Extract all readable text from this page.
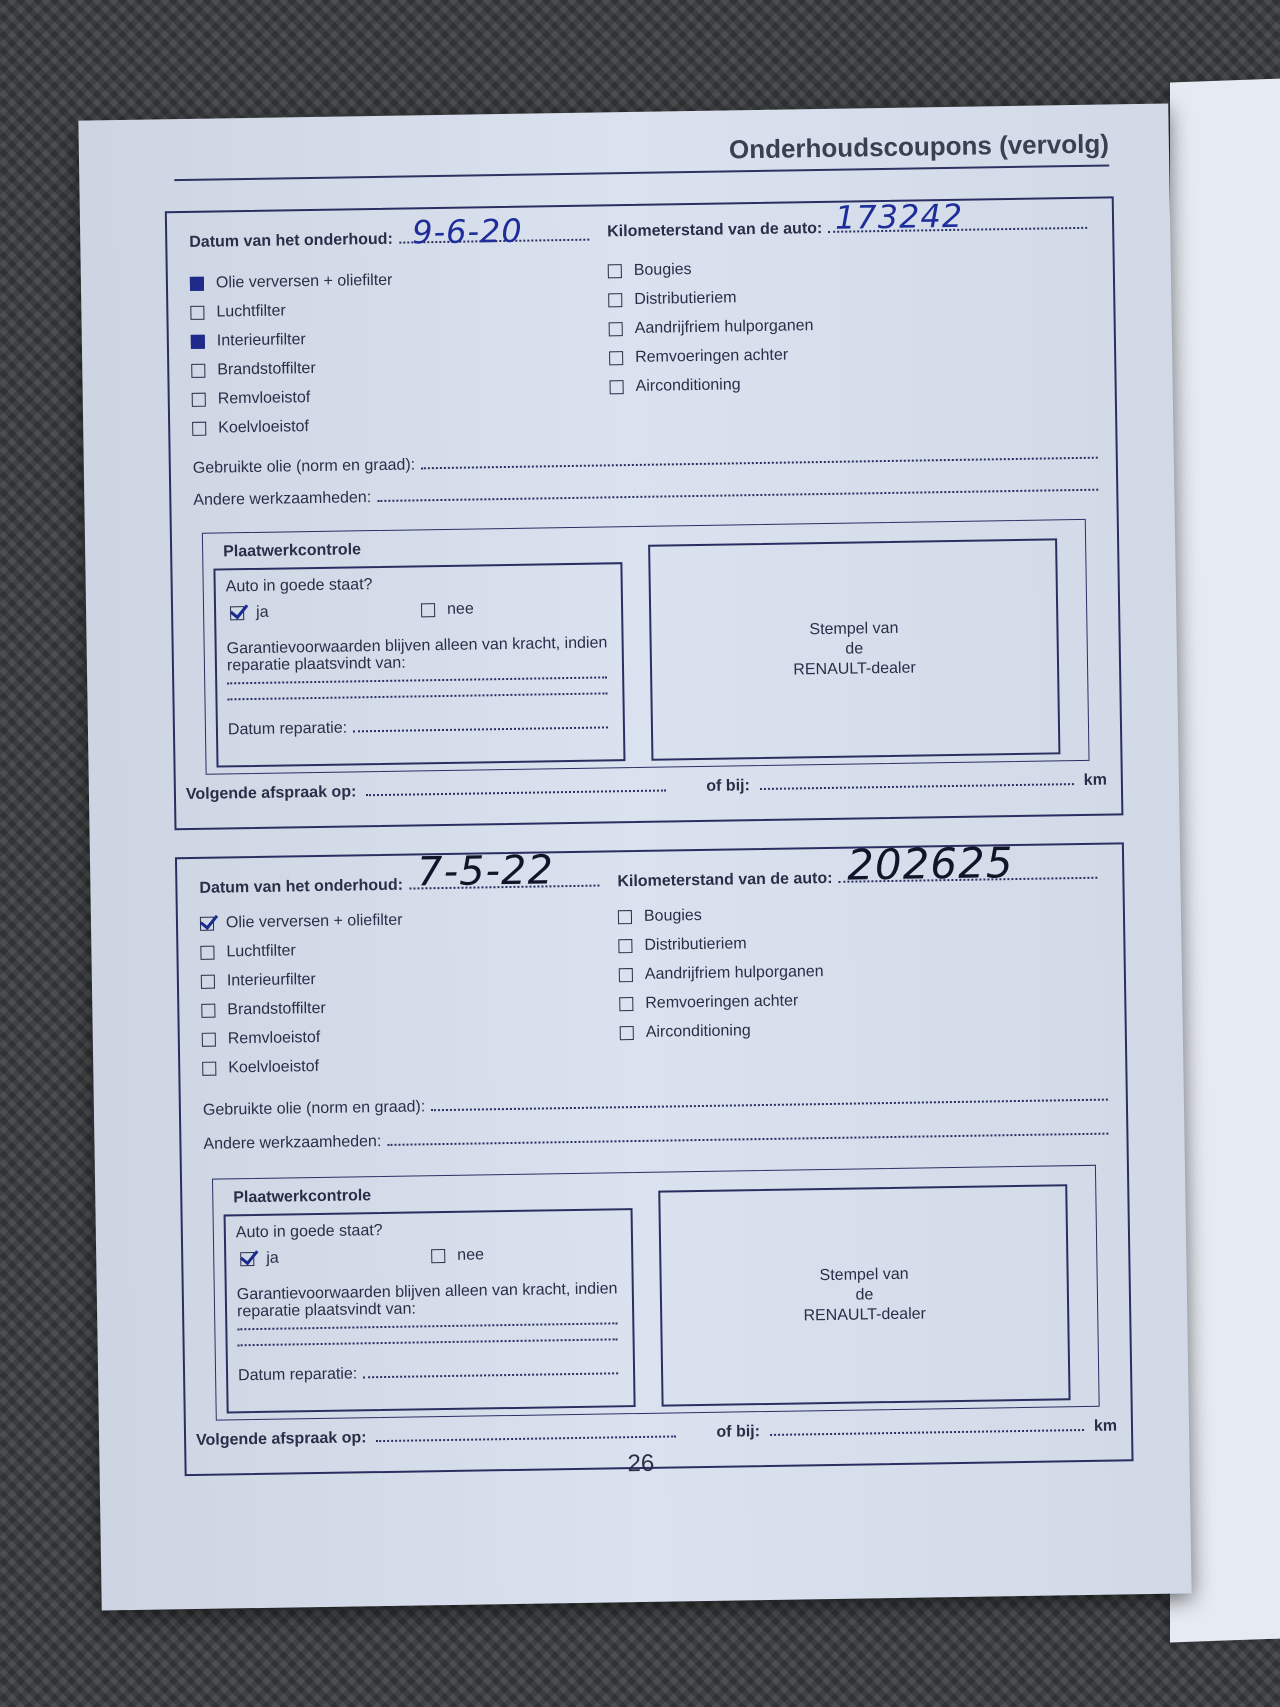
Onderhoudscoupons (vervolg)
Datum van het onderhoud: 9-6-20	Kilometerstand van de auto: 173242
Olie verversen + oliefilter
Luchtfilter
Interieurfilter
Brandstoffilter
Remvloeistof
Koelvloeistof
Bougies
Distributieriem
Aandrijfriem hulporganen
Remvoeringen achter
Airconditioning
Gebruikte olie (norm en graad):
Andere werkzaamheden:
Plaatwerkcontrole
Auto in goede staat?
ja	nee
Garantievoorwaarden blijven alleen van kracht, indien reparatie plaatsvindt van:
Datum reparatie:
Stempel van
de
RENAULT-dealer
Volgende afspraak op:	of bij:	km
Datum van het onderhoud: 7-5-22	Kilometerstand van de auto: 202625
Olie verversen + oliefilter
Luchtfilter
Interieurfilter
Brandstoffilter
Remvloeistof
Koelvloeistof
Bougies
Distributieriem
Aandrijfriem hulporganen
Remvoeringen achter
Airconditioning
Gebruikte olie (norm en graad):
Andere werkzaamheden:
Plaatwerkcontrole
Auto in goede staat?
ja	nee
Garantievoorwaarden blijven alleen van kracht, indien reparatie plaatsvindt van:
Datum reparatie:
Stempel van
de
RENAULT-dealer
Volgende afspraak op:	of bij:	km
26
